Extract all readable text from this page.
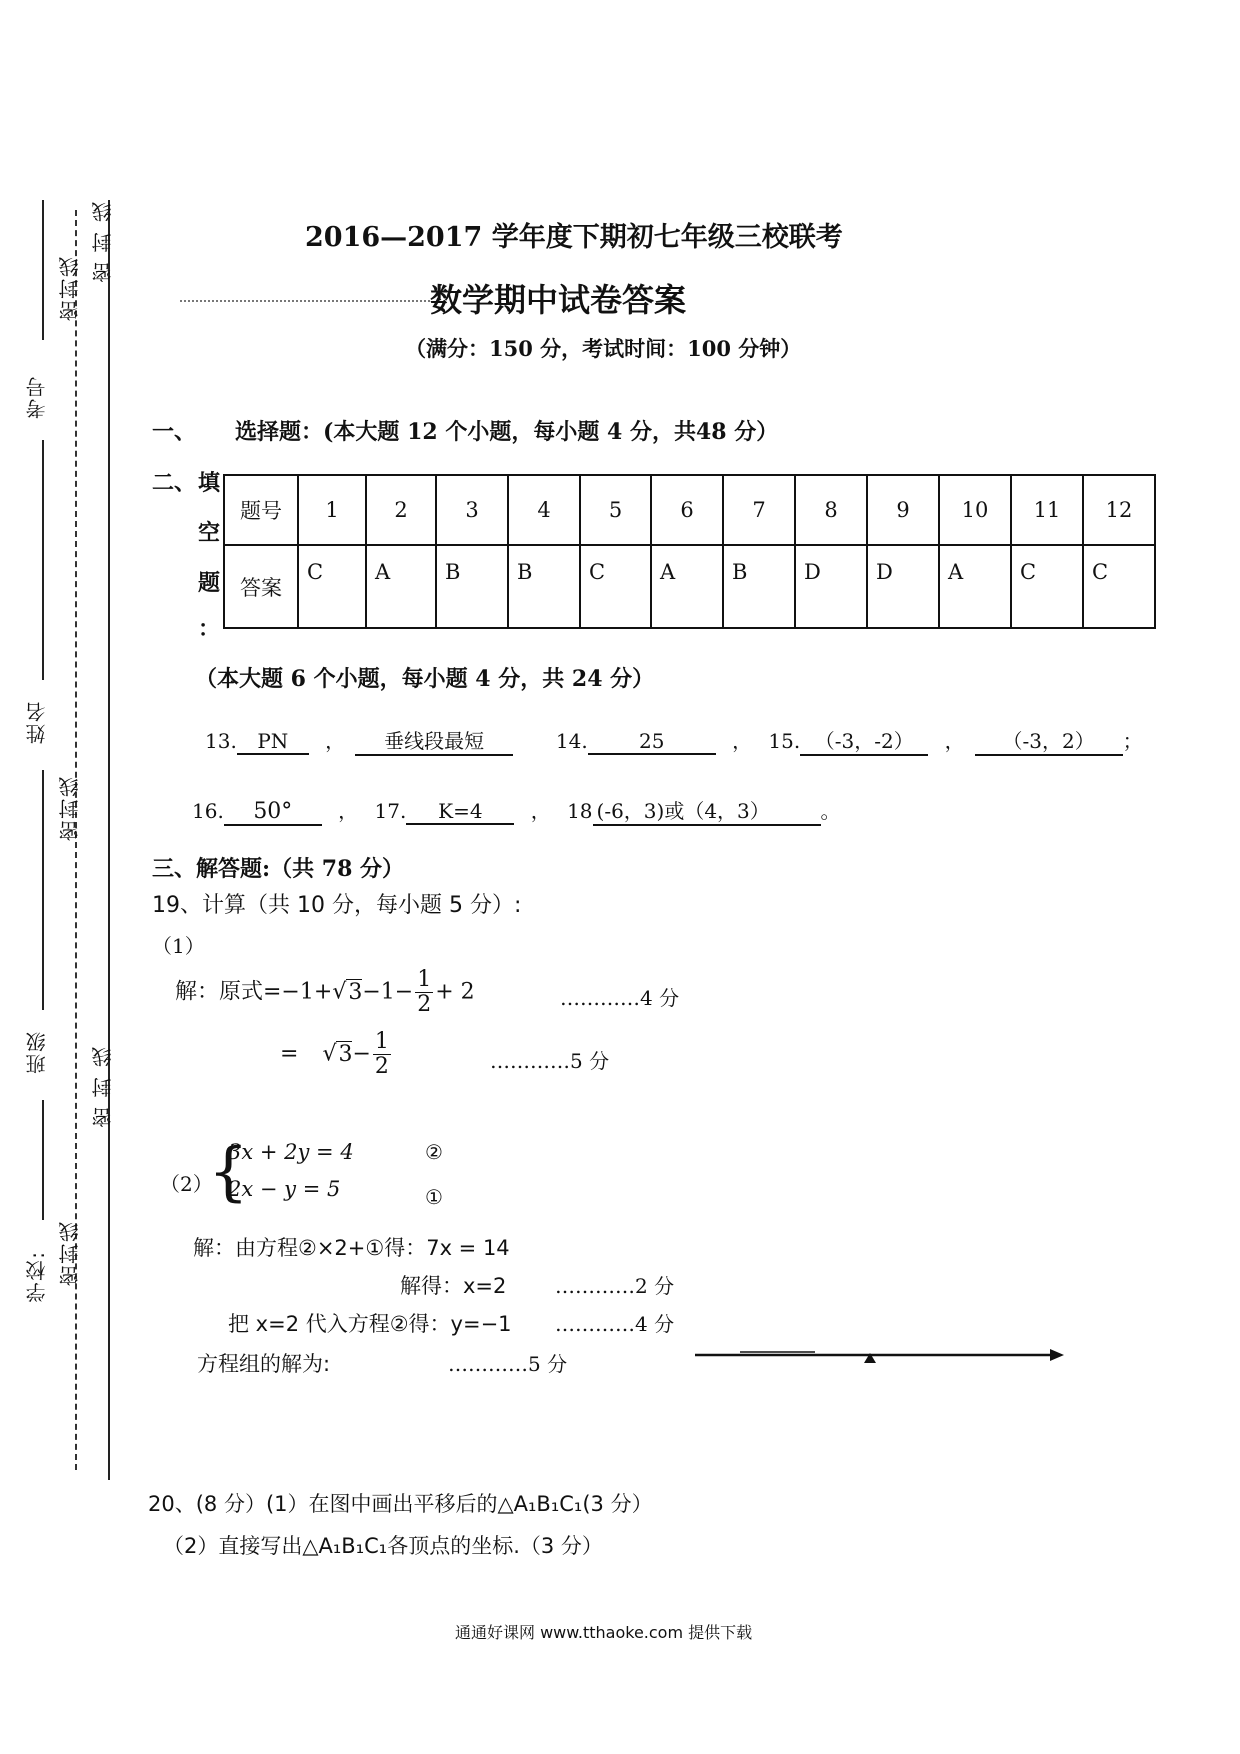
密封线
密 封 线
考号
姓名
密封线
班级 密 封 线
学校: 密封线
2016—2017 学年度下期初七年级三校联考
数学期中试卷答案
（满分：150 分，考试时间：100 分钟）
一、 选择题：(本大题 12 个小题，每小题 4 分，共48 分）
二、 填
空
题
：
题号	1	2	3	4	5	6	7	8	9	10	11	12
答案	C	A	B	B	C	A	B	D	D	A	C	C
（本大题 6 个小题，每小题 4 分，共 24 分）
13. PN ， 垂线段最短	14.	25	， 15. （-3，-2） ， （-3，2） ；
16. 50° ， 17. K=4 ， 18 (-6，3)或（4，3）	。
三、解答题:（共 78 分）
19、计算（共 10 分，每小题 5 分）:
（1）
解：原式$=-1+√3-1- \frac{1}{2} + 2$	…………4 分
= $√3- \frac{1}{2}$	…………5 分
（2）
{
3x + 2y = 4
2x − y = 5
②
①
解：由方程②×2+①得：7x = 14
解得：x=2 …………2 分
把 x=2 代入方程②得：y=−1 …………4 分
方程组的解为:	…………5 分
20、(8 分）(1）在图中画出平移后的△A₁B₁C₁(3 分）
（2）直接写出△A₁B₁C₁各顶点的坐标.（3 分）
通通好课网 www.tthaoke.com 提供下载
